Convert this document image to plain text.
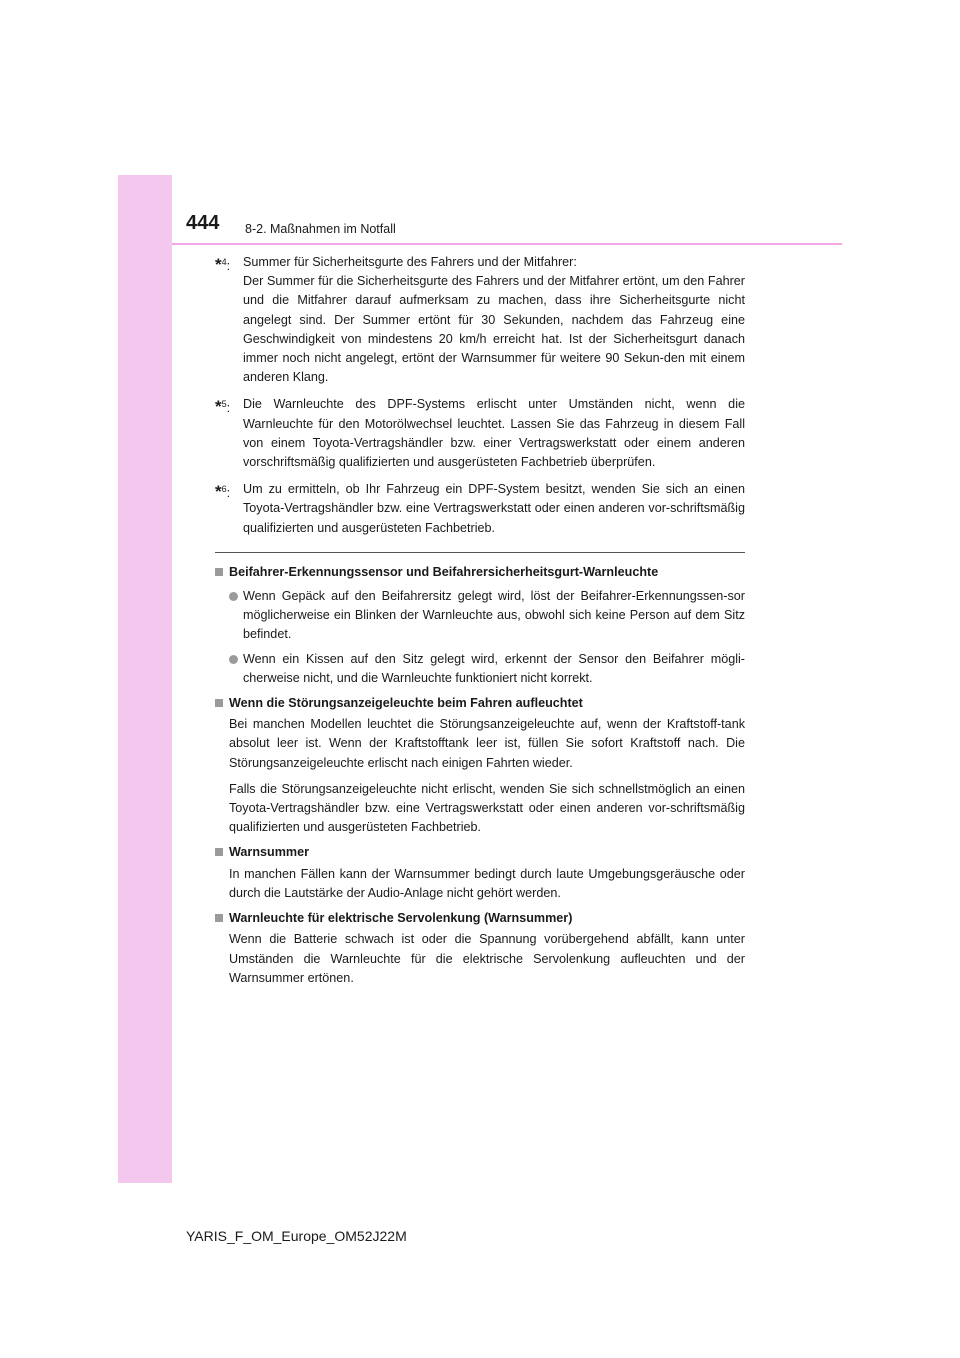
444 8-2. Maßnahmen im Notfall
*$^4$: Summer für Sicherheitsgurte des Fahrers und der Mitfahrer:

Der Summer für die Sicherheitsgurte des Fahrers und der Mitfahrer ertönt, um den Fahrer und die Mitfahrer darauf aufmerksam zu machen, dass ihre Sicherheitsgurte nicht angelegt sind. Der Summer ertönt für 30 Sekunden, nachdem das Fahrzeug eine Geschwindigkeit von mindestens 20 km/h erreicht hat. Ist der Sicherheitsgurt danach immer noch nicht angelegt, ertönt der Warnsummer für weitere 90 Sekun-den mit einem anderen Klang.

*$^5$: Die Warnleuchte des DPF-Systems erlischt unter Umständen nicht, wenn die Warnleuchte für den Motorölwechsel leuchtet. Lassen Sie das Fahrzeug in diesem Fall von einem Toyota-Vertragshändler bzw. einer Vertragswerkstatt oder einem anderen vorschriftsmäßig qualifizierten und ausgerüsteten Fachbetrieb überprüfen.

*$^6$: Um zu ermitteln, ob Ihr Fahrzeug ein DPF-System besitzt, wenden Sie sich an einen Toyota-Vertragshändler bzw. eine Vertragswerkstatt oder einen anderen vor-schriftsmäßig qualifizierten und ausgerüsteten Fachbetrieb.

Beifahrer-Erkennungssensor und Beifahrersicherheitsgurt-Warnleuchte

Wenn Gepäck auf den Beifahrersitz gelegt wird, löst der Beifahrer-Erkennungssen-sor möglicherweise ein Blinken der Warnleuchte aus, obwohl sich keine Person auf dem Sitz befindet.

Wenn ein Kissen auf den Sitz gelegt wird, erkennt der Sensor den Beifahrer mögli-cherweise nicht, und die Warnleuchte funktioniert nicht korrekt.

Wenn die Störungsanzeigeleuchte beim Fahren aufleuchtet

Bei manchen Modellen leuchtet die Störungsanzeigeleuchte auf, wenn der Kraftstoff-tank absolut leer ist. Wenn der Kraftstofftank leer ist, füllen Sie sofort Kraftstoff nach. Die Störungsanzeigeleuchte erlischt nach einigen Fahrten wieder.

Falls die Störungsanzeigeleuchte nicht erlischt, wenden Sie sich schnellstmöglich an einen Toyota-Vertragshändler bzw. eine Vertragswerkstatt oder einen anderen vor-schriftsmäßig qualifizierten und ausgerüsteten Fachbetrieb.

Warnsummer

In manchen Fällen kann der Warnsummer bedingt durch laute Umgebungsgeräusche oder durch die Lautstärke der Audio-Anlage nicht gehört werden.

Warnleuchte für elektrische Servolenkung (Warnsummer)

Wenn die Batterie schwach ist oder die Spannung vorübergehend abfällt, kann unter Umständen die Warnleuchte für die elektrische Servolenkung aufleuchten und der Warnsummer ertönen.

YARIS_F_OM_Europe_OM52J22M
